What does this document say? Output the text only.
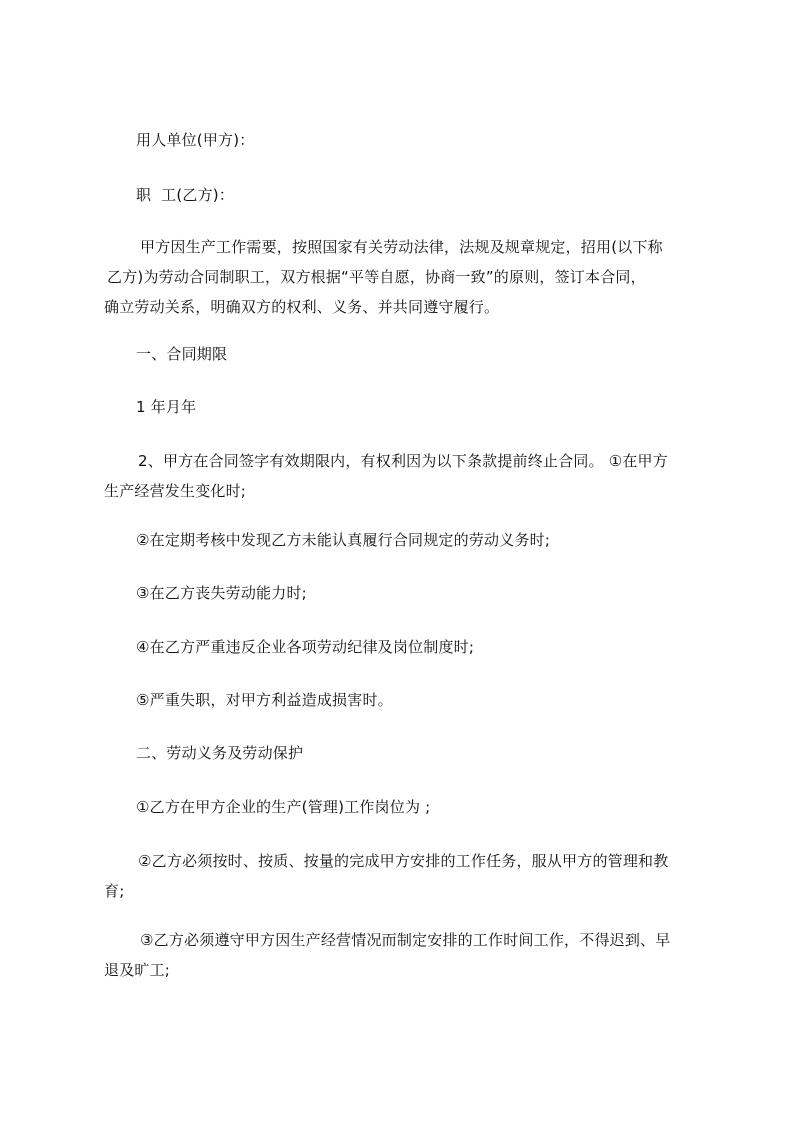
用人单位(甲方)：

职  工(乙方)：

甲方因生产工作需要，按照国家有关劳动法律，法规及规章规定，招用(以下称
乙方)为劳动合同制职工，双方根据“平等自愿，协商一致”的原则，签订本合同，
确立劳动关系，明确双方的权利、义务、并共同遵守履行。

一、合同期限

1 年月年

2、甲方在合同签字有效期限内，有权利因为以下条款提前终止合同。 ①在甲方
生产经营发生变化时;

②在定期考核中发现乙方未能认真履行合同规定的劳动义务时;

③在乙方丧失劳动能力时;

④在乙方严重违反企业各项劳动纪律及岗位制度时;

⑤严重失职，对甲方利益造成损害时。

二、劳动义务及劳动保护

①乙方在甲方企业的生产(管理)工作岗位为 ;

②乙方必须按时、按质、按量的完成甲方安排的工作任务，服从甲方的管理和教
育;

③乙方必须遵守甲方因生产经营情况而制定安排的工作时间工作，不得迟到、早
退及旷工;
